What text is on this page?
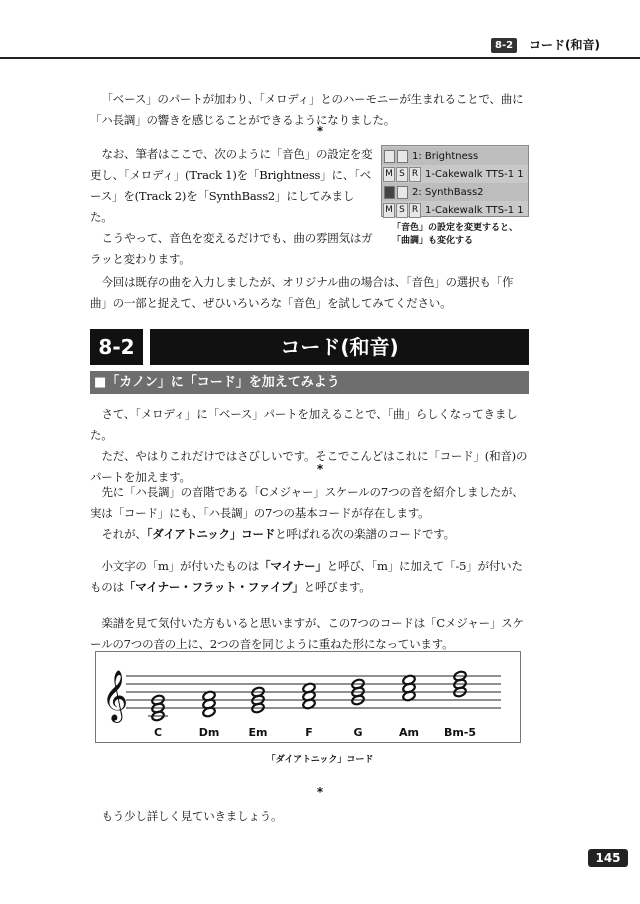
8-2	コード(和音)

「ベース」のパートが加わり、「メロディ」とのハーモニーが生まれることで、曲に「ハ長調」の響きを感じることができるようになりました。

*

なお、筆者はここで、次のように「音色」の設定を変更し、「メロディ」(Track 1)を「Brightness」に、「ベース」を(Track 2)を「SynthBass2」にしてみました。

こうやって、音色を変えるだけでも、曲の雰囲気はガラッと変わります。

1: Brightness
M S R 1-Cakewalk TTS-1 1
2: SynthBass2
M S R 1-Cakewalk TTS-1 1
「音色」の設定を変更すると、
「曲調」も変化する

今回は既存の曲を入力しましたが、オリジナル曲の場合は、「音色」の選択も「作曲」の一部と捉えて、ぜひいろいろな「音色」を試してみてください。

8-2	コード(和音)
■「カノン」に「コード」を加えてみよう

さて、「メロディ」に「ベース」パートを加えることで、「曲」らしくなってきました。

ただ、やはりこれだけではさびしいです。そこでこんどはこれに「コード」(和音)のパートを加えます。

*

先に「ハ長調」の音階である「Cメジャー」スケールの7つの音を紹介しましたが、実は「コード」にも、「ハ長調」の7つの基本コードが存在します。

それが、「ダイアトニック」コードと呼ばれる次の楽譜のコードです。

小文字の「m」が付いたものは「マイナー」と呼び、「m」に加えて「-5」が付いたものは「マイナー・フラット・ファイブ」と呼びます。

楽譜を見て気付いた方もいると思いますが、この7つのコードは「Cメジャー」スケールの7つの音の上に、2つの音を同じように重ねた形になっています。

𝄞
C	Dm	Em	F	G	Am Bm-5
「ダイアトニック」コード
*

もう少し詳しく見ていきましょう。

145
